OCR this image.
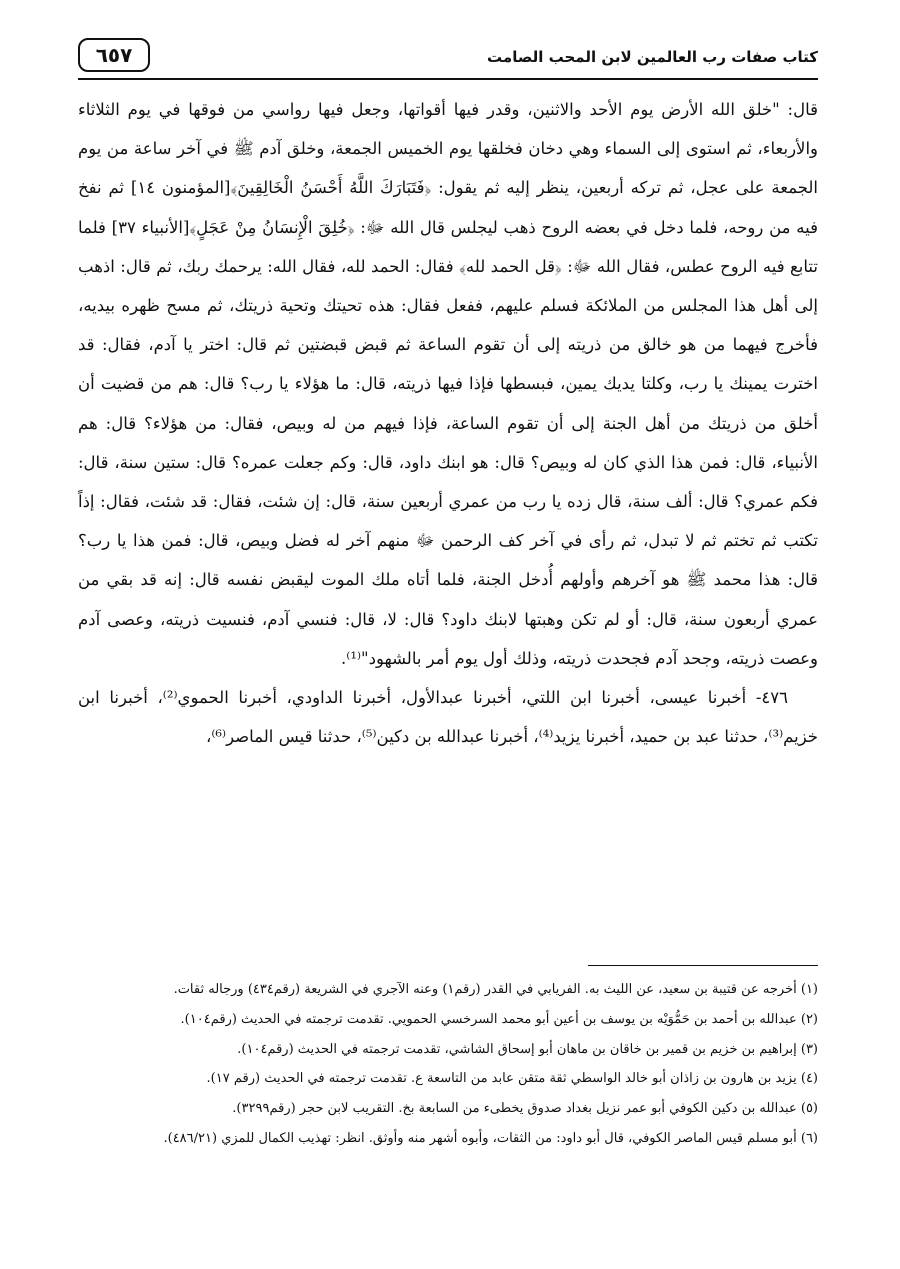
٦٥٧	كتاب صفات رب العالمين لابن المحب الصامت

قال: "خلق الله الأرض يوم الأحد والاثنين، وقدر فيها أقواتها، وجعل فيها رواسي من فوقها في يوم الثلاثاء والأربعاء، ثم استوى إلى السماء وهي دخان فخلقها يوم الخميس الجمعة، وخلق آدم ﷺ في آخر ساعة من يوم الجمعة على عجل، ثم تركه أربعين، ينظر إليه ثم يقول: ﴿فَتَبَارَكَ اللَّهُ أَحْسَنُ الْخَالِقِينَ﴾[المؤمنون ١٤] ثم نفخ فيه من روحه، فلما دخل في بعضه الروح ذهب ليجلس قال الله ﷻ: ﴿خُلِقَ الْإِنسَانُ مِنْ عَجَلٍ﴾[الأنبياء ٣٧] فلما تتابع فيه الروح عطس، فقال الله ﷻ: ﴿قل الحمد لله﴾ فقال: الحمد لله، فقال الله: يرحمك ربك، ثم قال: اذهب إلى أهل هذا المجلس من الملائكة فسلم عليهم، ففعل فقال: هذه تحيتك وتحية ذريتك، ثم مسح ظهره بيديه، فأخرج فيهما من هو خالق من ذريته إلى أن تقوم الساعة ثم قبض قبضتين ثم قال: اختر يا آدم، فقال: قد اخترت يمينك يا رب، وكلتا يديك يمين، فبسطها فإذا فيها ذريته، قال: ما هؤلاء يا رب؟ قال: هم من قضيت أن أخلق من ذريتك من أهل الجنة إلى أن تقوم الساعة، فإذا فيهم من له وبيص، فقال: من هؤلاء؟ قال: هم الأنبياء، قال: فمن هذا الذي كان له وبيص؟ قال: هو ابنك داود، قال: وكم جعلت عمره؟ قال: ستين سنة، قال: فكم عمري؟ قال: ألف سنة، قال زده يا رب من عمري أربعين سنة، قال: إن شئت، فقال: قد شئت، فقال: إذاً تكتب ثم تختم ثم لا تبدل، ثم رأى في آخر كف الرحمن ﷻ منهم آخر له فضل وبيص، قال: فمن هذا يا رب؟ قال: هذا محمد ﷺ هو آخرهم وأولهم أُدخل الجنة، فلما أتاه ملك الموت ليقبض نفسه قال: إنه قد بقي من عمري أربعون سنة، قال: أو لم تكن وهبتها لابنك داود؟ قال: لا، قال: فنسي آدم، فنسيت ذريته، وعصى آدم وعصت ذريته، وجحد آدم فجحدت ذريته، وذلك أول يوم أمر بالشهود"⁽¹⁾.

٤٧٦- أخبرنا عيسى، أخبرنا ابن اللتي، أخبرنا عبدالأول، أخبرنا الداودي، أخبرنا الحموي⁽²⁾، أخبرنا ابن خزيم⁽³⁾، حدثنا عبد بن حميد، أخبرنا يزيد⁽⁴⁾، أخبرنا عبدالله بن دكين⁽⁵⁾، حدثنا قيس الماصر⁽⁶⁾،

(١) أخرجه عن قتيبة بن سعيد، عن الليث به. الفريابي في القدر (رقم١) وعنه الآجري في الشريعة (رقم٤٣٤) ورجاله ثقات.
(٢) عبدالله بن أحمد بن حَمُّوَيْه بن يوسف بن أعين أبو محمد السرخسي الحمويي. تقدمت ترجمته في الحديث (رقم١٠٤).
(٣) إبراهيم بن خزيم بن قمير بن خاقان بن ماهان أبو إسحاق الشاشي، تقدمت ترجمته في الحديث (رقم١٠٤).
(٤) يزيد بن هارون بن زاذان أبو خالد الواسطي ثقة متقن عابد من التاسعة ع. تقدمت ترجمته في الحديث (رقم ١٧).
(٥) عبدالله بن دكين الكوفي أبو عمر نزيل بغداد صدوق يخطىء من السابعة بخ. التقريب لابن حجر (رقم٣٢٩٩).
(٦) أبو مسلم قيس الماصر الكوفي، قال أبو داود: من الثقات، وأبوه أشهر منه وأوثق. انظر: تهذيب الكمال للمزي (٤٨٦/٢١).
